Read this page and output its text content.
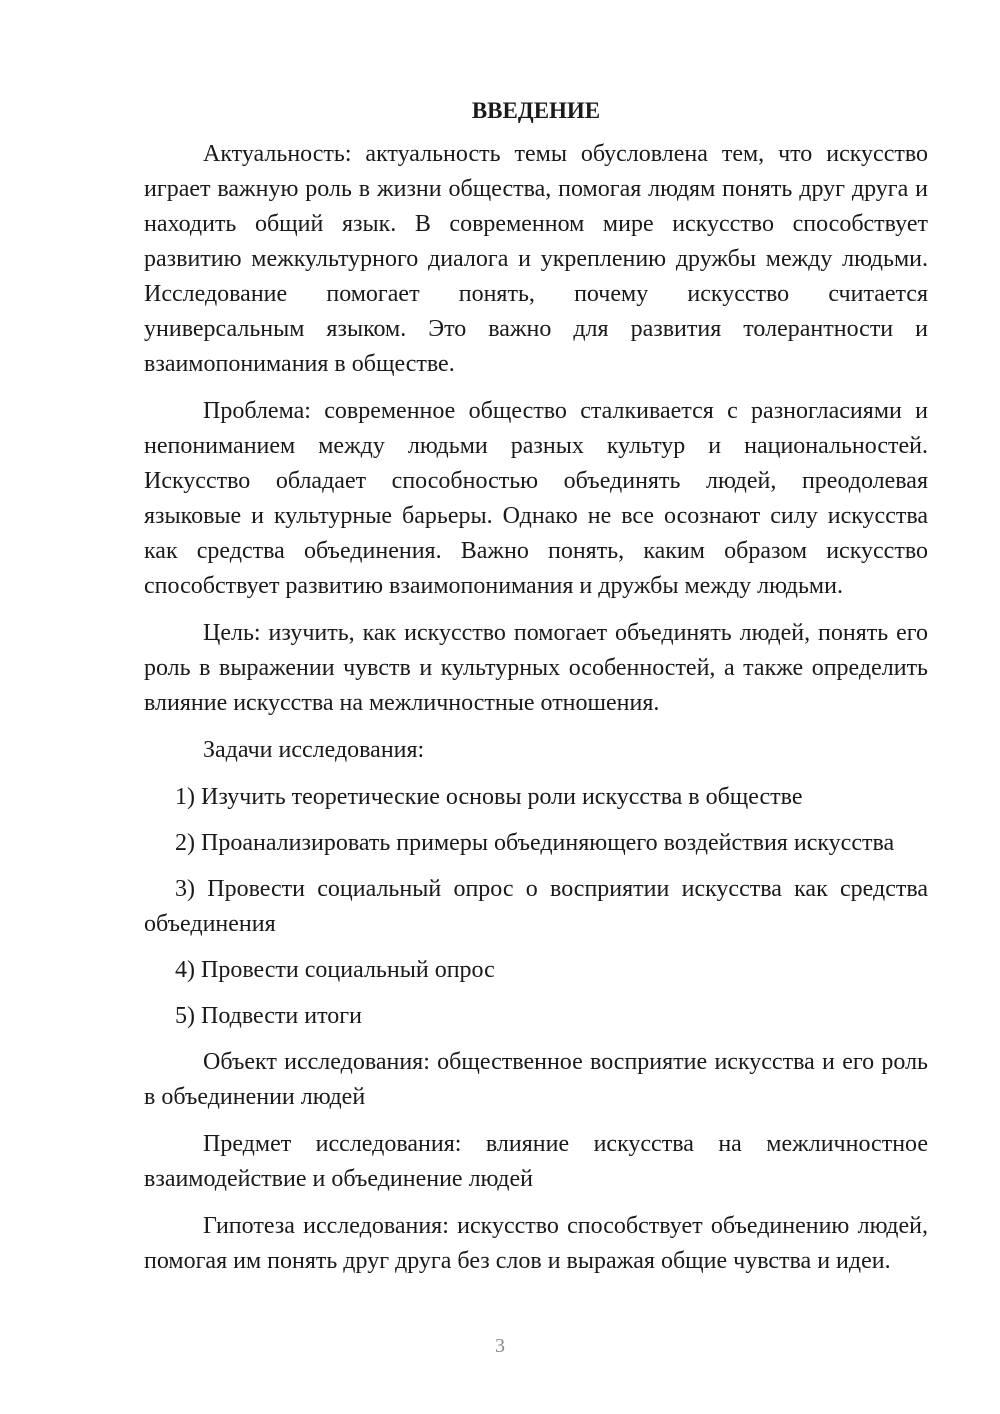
ВВЕДЕНИЕ

Актуальность: актуальность темы обусловлена тем, что искусство играет важную роль в жизни общества, помогая людям понять друг друга и находить общий язык. В современном мире искусство способствует развитию межкультурного диалога и укреплению дружбы между людьми. Исследование помогает понять, почему искусство считается универсальным языком. Это важно для развития толерантности и взаимопонимания в обществе.

Проблема: современное общество сталкивается с разногласиями и непониманием между людьми разных культур и национальностей. Искусство обладает способностью объединять людей, преодолевая языковые и культурные барьеры. Однако не все осознают силу искусства как средства объединения. Важно понять, каким образом искусство способствует развитию взаимопонимания и дружбы между людьми.

Цель: изучить, как искусство помогает объединять людей, понять его роль в выражении чувств и культурных особенностей, а также определить влияние искусства на межличностные отношения.

Задачи исследования:

1) Изучить теоретические основы роли искусства в обществе

2) Проанализировать примеры объединяющего воздействия искусства

3) Провести социальный опрос о восприятии искусства как средства объединения

4) Провести социальный опрос

5) Подвести итоги

Объект исследования: общественное восприятие искусства и его роль в объединении людей

Предмет исследования: влияние искусства на межличностное взаимодействие и объединение людей

Гипотеза исследования: искусство способствует объединению людей, помогая им понять друг друга без слов и выражая общие чувства и идеи.

3
